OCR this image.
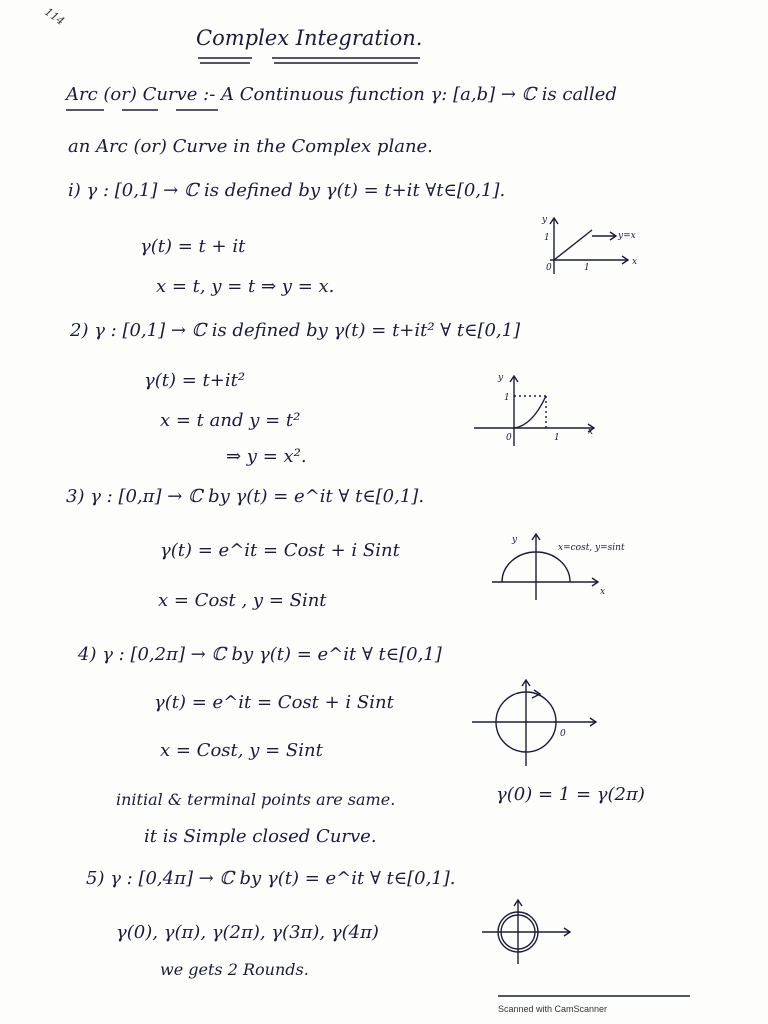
114
Complex Integration.
Arc (or) Curve :- A Continuous function γ: [a,b] → ℂ is called
an Arc (or) Curve in the Complex plane.
i) γ : [0,1] → ℂ is defined by γ(t) = t+it ∀t∈[0,1].
γ(t) = t + it
x = t, y = t ⇒ y = x.
y
x
0
1
1
y=x
2) γ : [0,1] → ℂ is defined by γ(t) = t+it² ∀ t∈[0,1]
γ(t) = t+it²
x = t and y = t²
⇒ y = x².
y
x
0
1
1
3) γ : [0,π] → ℂ by γ(t) = e^it ∀ t∈[0,1].
γ(t) = e^it = Cost + i Sint
x = Cost , y = Sint
y
x
x=cost, y=sint
4) γ : [0,2π] → ℂ by γ(t) = e^it ∀ t∈[0,1]
γ(t) = e^it = Cost + i Sint
x = Cost, y = Sint
0
initial & terminal points are same.	γ(0) = 1 = γ(2π)
it is Simple closed Curve.
5) γ : [0,4π] → ℂ by γ(t) = e^it ∀ t∈[0,1].
γ(0), γ(π), γ(2π), γ(3π), γ(4π)
we gets 2 Rounds.
Scanned with CamScanner
